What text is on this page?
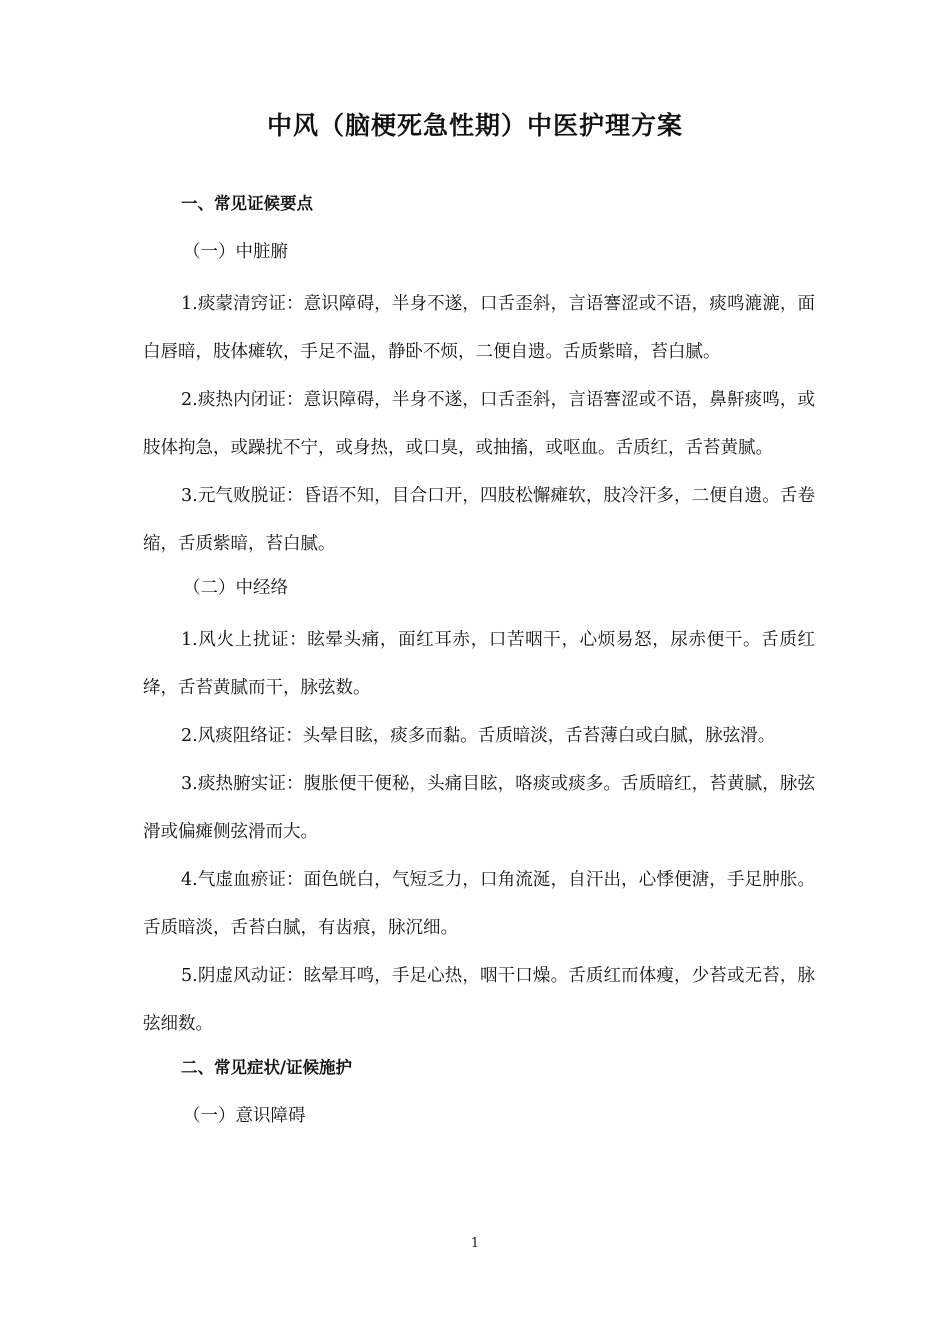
中风（脑梗死急性期）中医护理方案
一、常见证候要点
（一）中脏腑

1.痰蒙清窍证：意识障碍，半身不遂，口舌歪斜，言语謇涩或不语，痰鸣漉漉，面白唇暗，肢体瘫软，手足不温，静卧不烦，二便自遗。舌质紫暗，苔白腻。

2.痰热内闭证：意识障碍，半身不遂，口舌歪斜，言语謇涩或不语，鼻鼾痰鸣，或肢体拘急，或躁扰不宁，或身热，或口臭，或抽搐，或呕血。舌质红，舌苔黄腻。

3.元气败脱证：昏语不知，目合口开，四肢松懈瘫软，肢冷汗多，二便自遗。舌卷缩，舌质紫暗，苔白腻。

（二）中经络

1.风火上扰证：眩晕头痛，面红耳赤，口苦咽干，心烦易怒，尿赤便干。舌质红绛，舌苔黄腻而干，脉弦数。

2.风痰阻络证：头晕目眩，痰多而黏。舌质暗淡，舌苔薄白或白腻，脉弦滑。

3.痰热腑实证：腹胀便干便秘，头痛目眩，咯痰或痰多。舌质暗红，苔黄腻，脉弦滑或偏瘫侧弦滑而大。

4.气虚血瘀证：面色㿠白，气短乏力，口角流涎，自汗出，心悸便溏，手足肿胀。舌质暗淡，舌苔白腻，有齿痕，脉沉细。

5.阴虚风动证：眩晕耳鸣，手足心热，咽干口燥。舌质红而体瘦，少苔或无苔，脉弦细数。

二、常见症状/证候施护
（一）意识障碍
1
